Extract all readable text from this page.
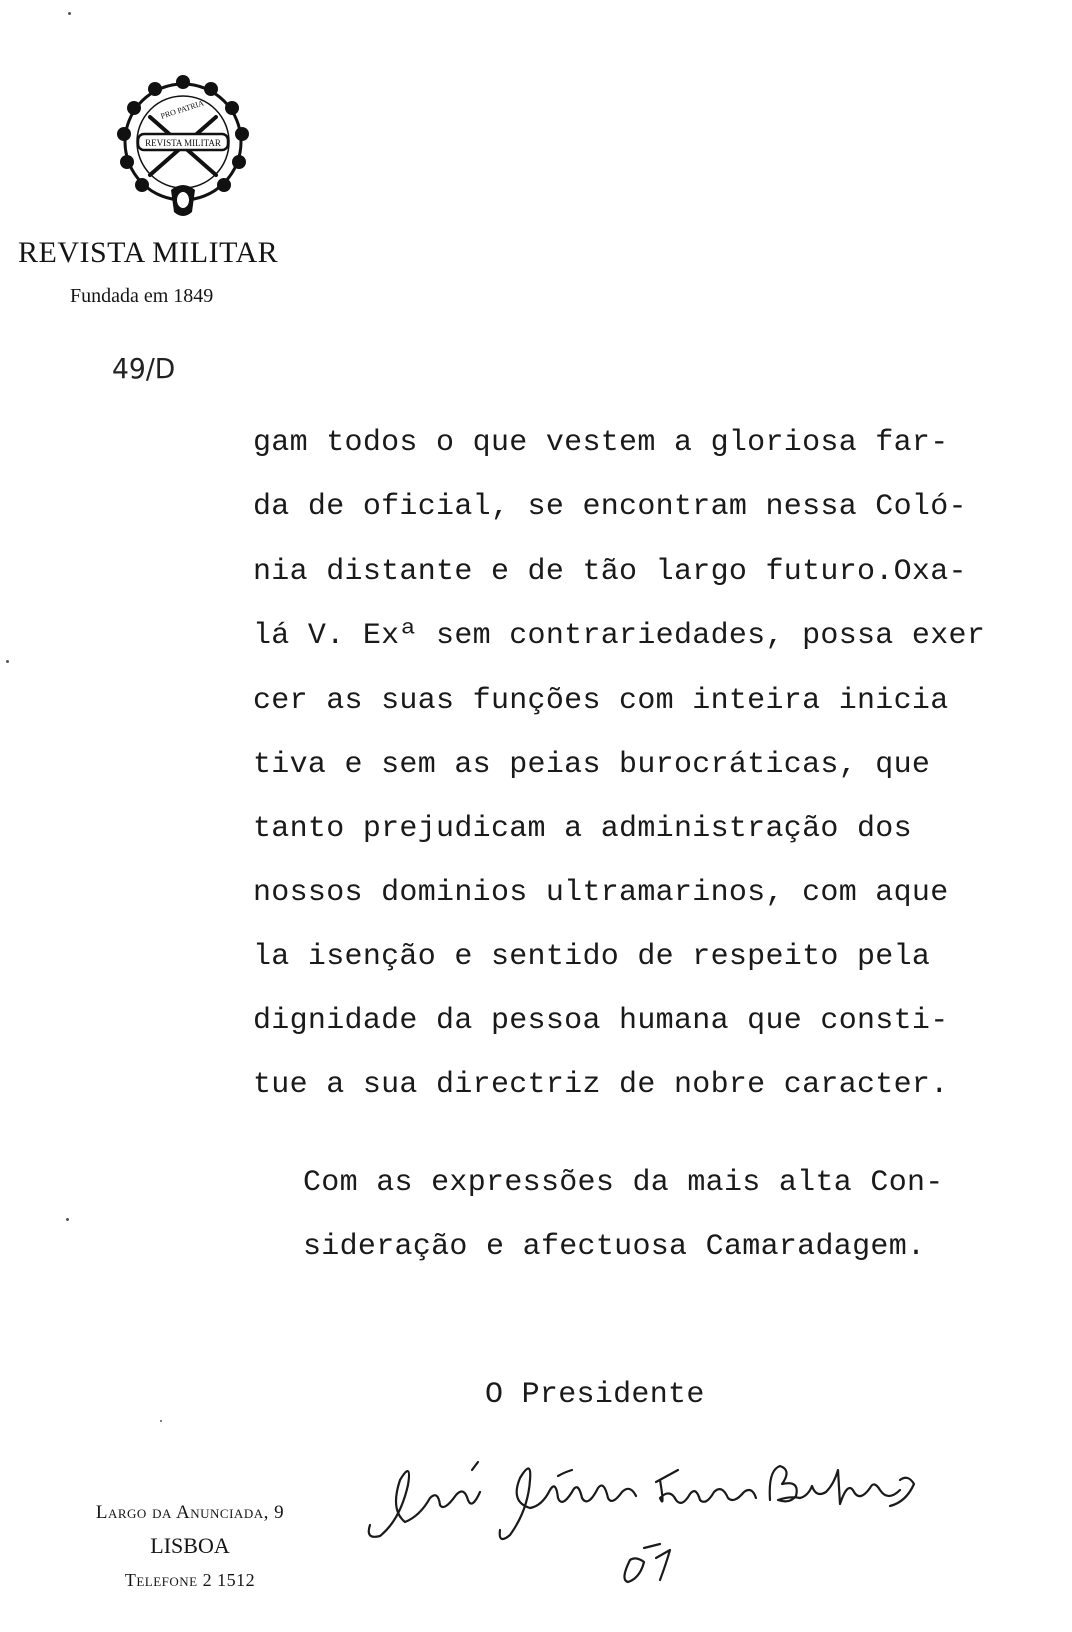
REVISTA MILITAR
PRO PATRIA
REVISTA MILITAR
Fundada em 1849
49/D
gam todos o que vestem a gloriosa far-
da de oficial, se encontram nessa Coló-
nia distante e de tão largo futuro.Oxa-
lá V. Exª sem contrariedades, possa exer
cer as suas funções com inteira inicia
tiva e sem as peias burocráticas, que
tanto prejudicam a administração dos
nossos dominios ultramarinos, com aque
la isenção e sentido de respeito pela
dignidade da pessoa humana que consti-
tue a sua directriz de nobre caracter.
Com as expressões da mais alta Con-
sideração e afectuosa Camaradagem.
O Presidente
Largo da Anunciada, 9
LISBOA
Telefone 2 1512
